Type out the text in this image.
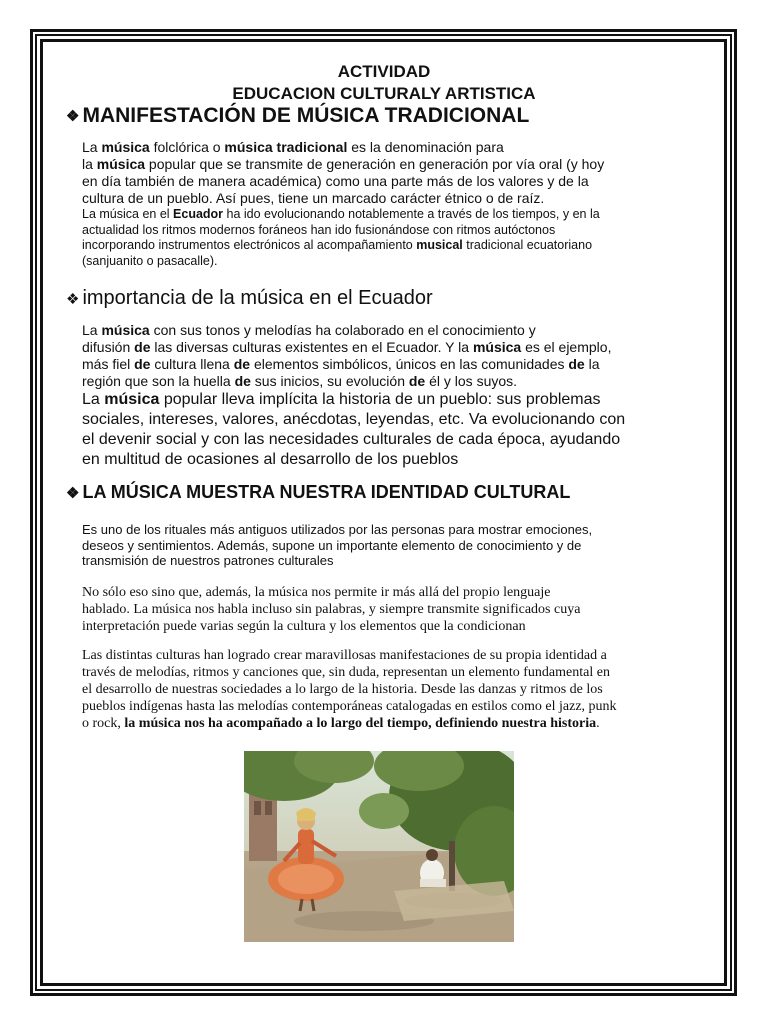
ACTIVIDAD
EDUCACION CULTURALY ARTISTICA
❖ MANIFESTACIÓN DE MÚSICA TRADICIONAL
La música folclórica o música tradicional es la denominación para
la música popular que se transmite de generación en generación por vía oral (y hoy
en día también de manera académica) como una parte más de los valores y de la
cultura de un pueblo. Así pues, tiene un marcado carácter étnico o de raíz.
La música en el Ecuador ha ido evolucionando notablemente a través de los tiempos, y en la
actualidad los ritmos modernos foráneos han ido fusionándose con ritmos autóctonos
incorporando instrumentos electrónicos al acompañamiento musical tradicional ecuatoriano
(sanjuanito o pasacalle).
❖ importancia de la música en el Ecuador
La música con sus tonos y melodías ha colaborado en el conocimiento y
difusión de las diversas culturas existentes en el Ecuador. Y la música es el ejemplo,
más fiel de cultura llena de elementos simbólicos, únicos en las comunidades de la
región que son la huella de sus inicios, su evolución de él y los suyos.
La música popular lleva implícita la historia de un pueblo: sus problemas
sociales, intereses, valores, anécdotas, leyendas, etc. Va evolucionando con
el devenir social y con las necesidades culturales de cada época, ayudando
en multitud de ocasiones al desarrollo de los pueblos
❖ LA MÚSICA MUESTRA NUESTRA IDENTIDAD CULTURAL
Es uno de los rituales más antiguos utilizados por las personas para mostrar emociones,
deseos y sentimientos. Además, supone un importante elemento de conocimiento y de
transmisión de nuestros patrones culturales
No sólo eso sino que, además, la música nos permite ir más allá del propio lenguaje
hablado. La música nos habla incluso sin palabras, y siempre transmite significados cuya
interpretación puede varias según la cultura y los elementos que la condicionan
Las distintas culturas han logrado crear maravillosas manifestaciones de su propia identidad a
través de melodías, ritmos y canciones que, sin duda, representan un elemento fundamental en
el desarrollo de nuestras sociedades a lo largo de la historia. Desde las danzas y ritmos de los
pueblos indígenas hasta las melodías contemporáneas catalogadas en estilos como el jazz, punk
o rock, la música nos ha acompañado a lo largo del tiempo, definiendo nuestra historia.
